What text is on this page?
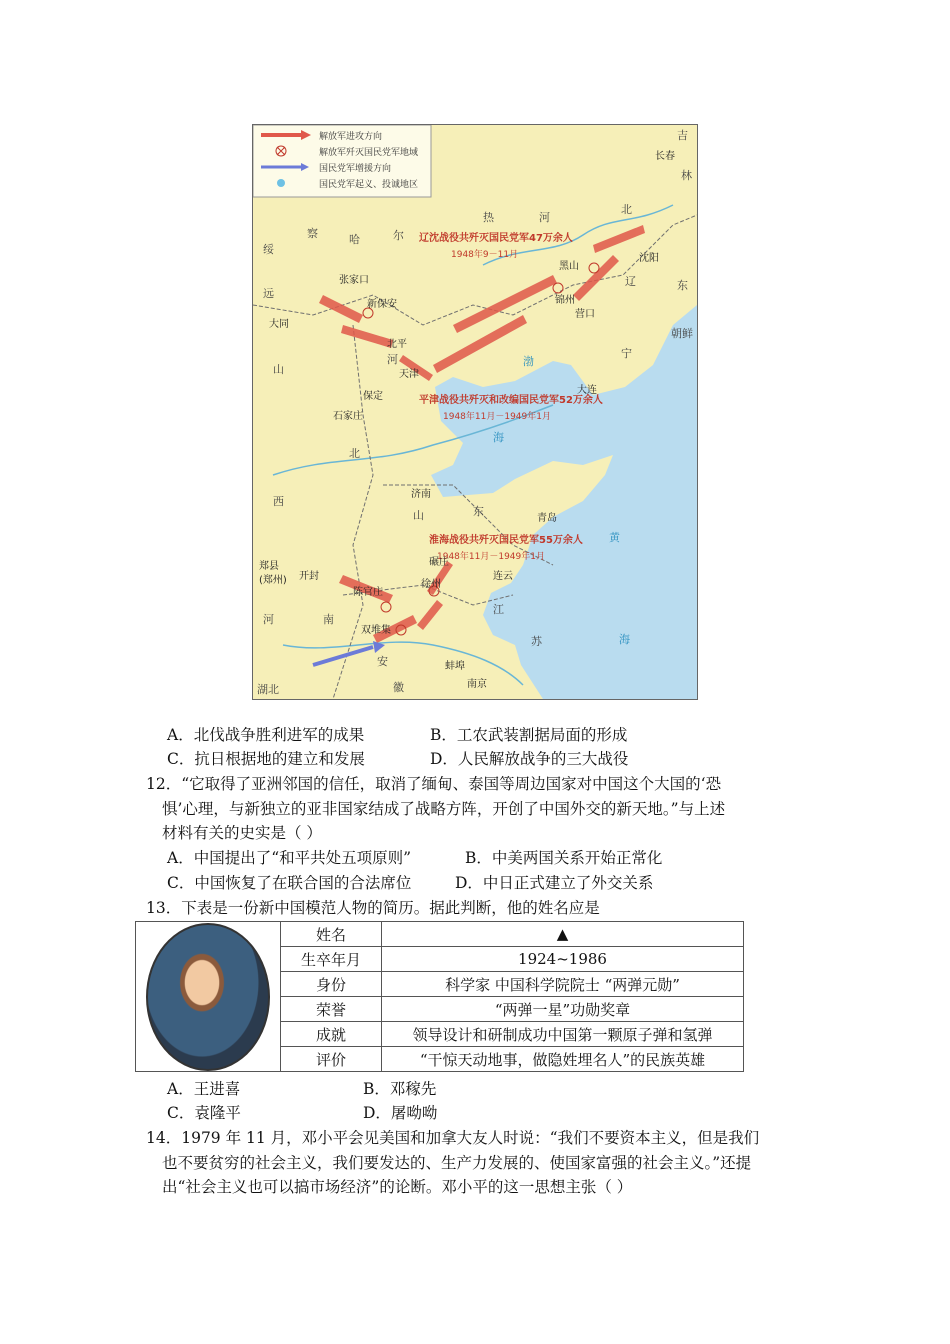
解放军进攻方向
解放军歼灭国民党军地域
国民党军增援方向
国民党军起义、投诚地区
辽沈战役共歼灭国民党军47万余人
1948年9－11月
平津战役共歼灭和改编国民党军52万余人
1948年11月－1949年1月
淮海战役共歼灭国民党军55万余人
1948年11月－1949年1月
长春
沈阳
锦州
黑山
营口
大连
张家口
新保安
大同
北平
天津
保定
石家庄
济南
青岛
开封
郑县
(郑州)	徐州
碾庄
陈官庄
双堆集
连云
蚌埠
南京
吉
林
察	哈	尔
热	河
北
辽
宁
东
朝鲜
绥
远
山
西
河
北
河	南
山	东
江
苏
安
徽
湖北
渤
海
黄
海
A．北伐战争胜利进军的成果	B．工农武装割据局面的形成
C．抗日根据地的建立和发展	D．人民解放战争的三大战役
12．“它取得了亚洲邻国的信任，取消了缅甸、泰国等周边国家对中国这个大国的‘恐
惧’心理，与新独立的亚非国家结成了战略方阵，开创了中国外交的新天地。”与上述
材料有关的史实是（ ）
A．中国提出了“和平共处五项原则”	B．中美两国关系开始正常化
C．中国恢复了在联合国的合法席位	D．中日正式建立了外交关系
13．下表是一份新中国模范人物的简历。据此判断，他的姓名应是
	姓名	▲
	生卒年月	1924~1986
	身份	科学家 中国科学院院士 “两弹元勋”
	荣誉	“两弹一星”功勋奖章
	成就	领导设计和研制成功中国第一颗原子弹和氢弹
	评价	“干惊天动地事，做隐姓埋名人”的民族英雄
A．王进喜	B．邓稼先
C．袁隆平	D．屠呦呦
14．1979 年 11 月，邓小平会见美国和加拿大友人时说：“我们不要资本主义，但是我们
也不要贫穷的社会主义，我们要发达的、生产力发展的、使国家富强的社会主义。”还提
出“社会主义也可以搞市场经济”的论断。邓小平的这一思想主张（ ）
